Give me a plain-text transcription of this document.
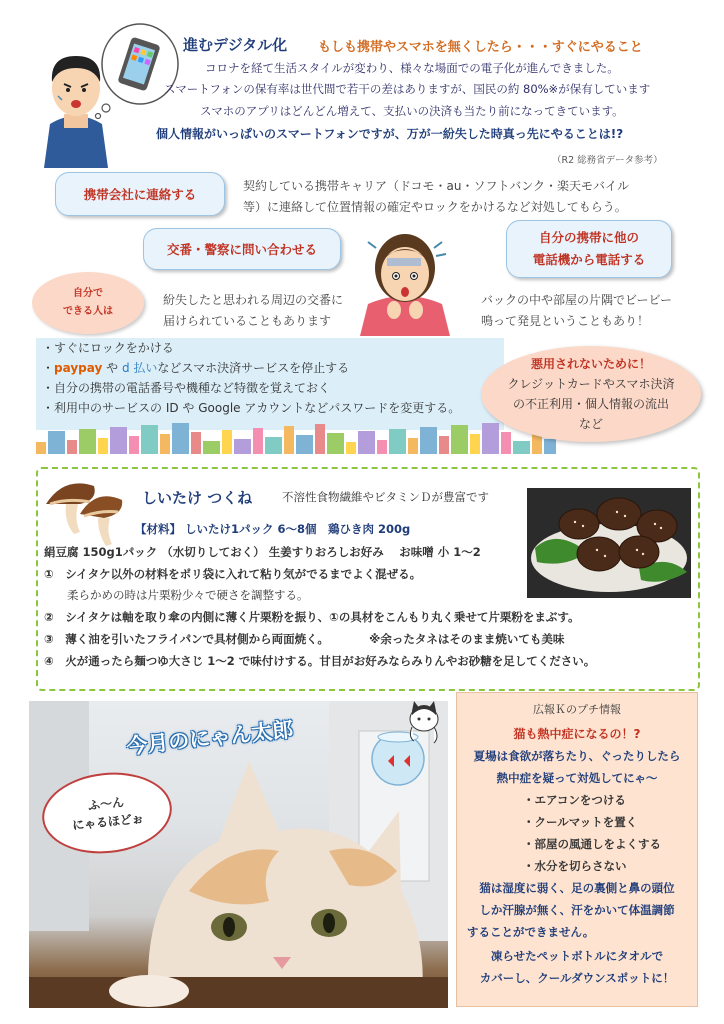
進むデジタル化 もしも携帯やスマホを無くしたら・・・すぐにやること
コロナを経て生活スタイルが変わり、様々な場面での電子化が進んできました。
スマートフォンの保有率は世代間で若干の差はありますが、国民の約 80%※が保有しています
スマホのアプリはどんどん増えて、支払いの決済も当たり前になってきています。
個人情報がいっぱいのスマートフォンですが、万が一紛失した時真っ先にやることは!?
（R2 総務省データ参考）
携帯会社に連絡する
契約している携帯キャリア（ドコモ・au・ソフトバンク・楽天モバイル
等）に連絡して位置情報の確定やロックをかけるなど対処してもらう。
交番・警察に問い合わせる
自分の携帯に他の
電話機から電話する
自分で
できる人は
紛失したと思われる周辺の交番に
届けられていることもあります
バックの中や部屋の片隅でビービー
鳴って発見ということもあり！
・すぐにロックをかける
・paypay や d 払いなどスマホ決済サービスを停止する
・自分の携帯の電話番号や機種など特徴を覚えておく
・利用中のサービスの ID や Google アカウントなどパスワードを変更する。
悪用されないために！
クレジットカードやスマホ決済
の不正利用・個人情報の流出
など
しいたけ つくね	不溶性食物繊維やビタミンＤが豊富です
【材料】 しいたけ1パック 6～8個　鶏ひき肉 200g
絹豆腐 150g1パック （水切りしておく） 生姜すりおろしお好み　 お味噌 小 1～2
①　シイタケ以外の材料をポリ袋に入れて粘り気がでるまでよく混ぜる。
　　柔らかめの時は片栗粉少々で硬さを調整する。
②　シイタケは軸を取り傘の内側に薄く片栗粉を振り、①の具材をこんもり丸く乗せて片栗粉をまぶす。
③　薄く油を引いたフライパンで具材側から両面焼く。　　　　※余ったタネはそのまま焼いても美味
④　火が通ったら麺つゆ大さじ 1～2 で味付けする。甘目がお好みならみりんやお砂糖を足してください。
今月のにゃん太郎
ふ～ん
にゃるほどぉ
広報Ｋのプチ情報
猫も熱中症になるの！?
夏場は食欲が落ちたり、ぐったりしたら
熱中症を疑って対処してにゃ～
・エアコンをつける
・クールマットを置く
・部屋の風通しをよくする
・水分を切らさない
猫は湿度に弱く、足の裏側と鼻の頭位
しか汗腺が無く、汗をかいて体温調節
することができません。
凍らせたペットボトルにタオルで
カバーし、クールダウンスポットに！
